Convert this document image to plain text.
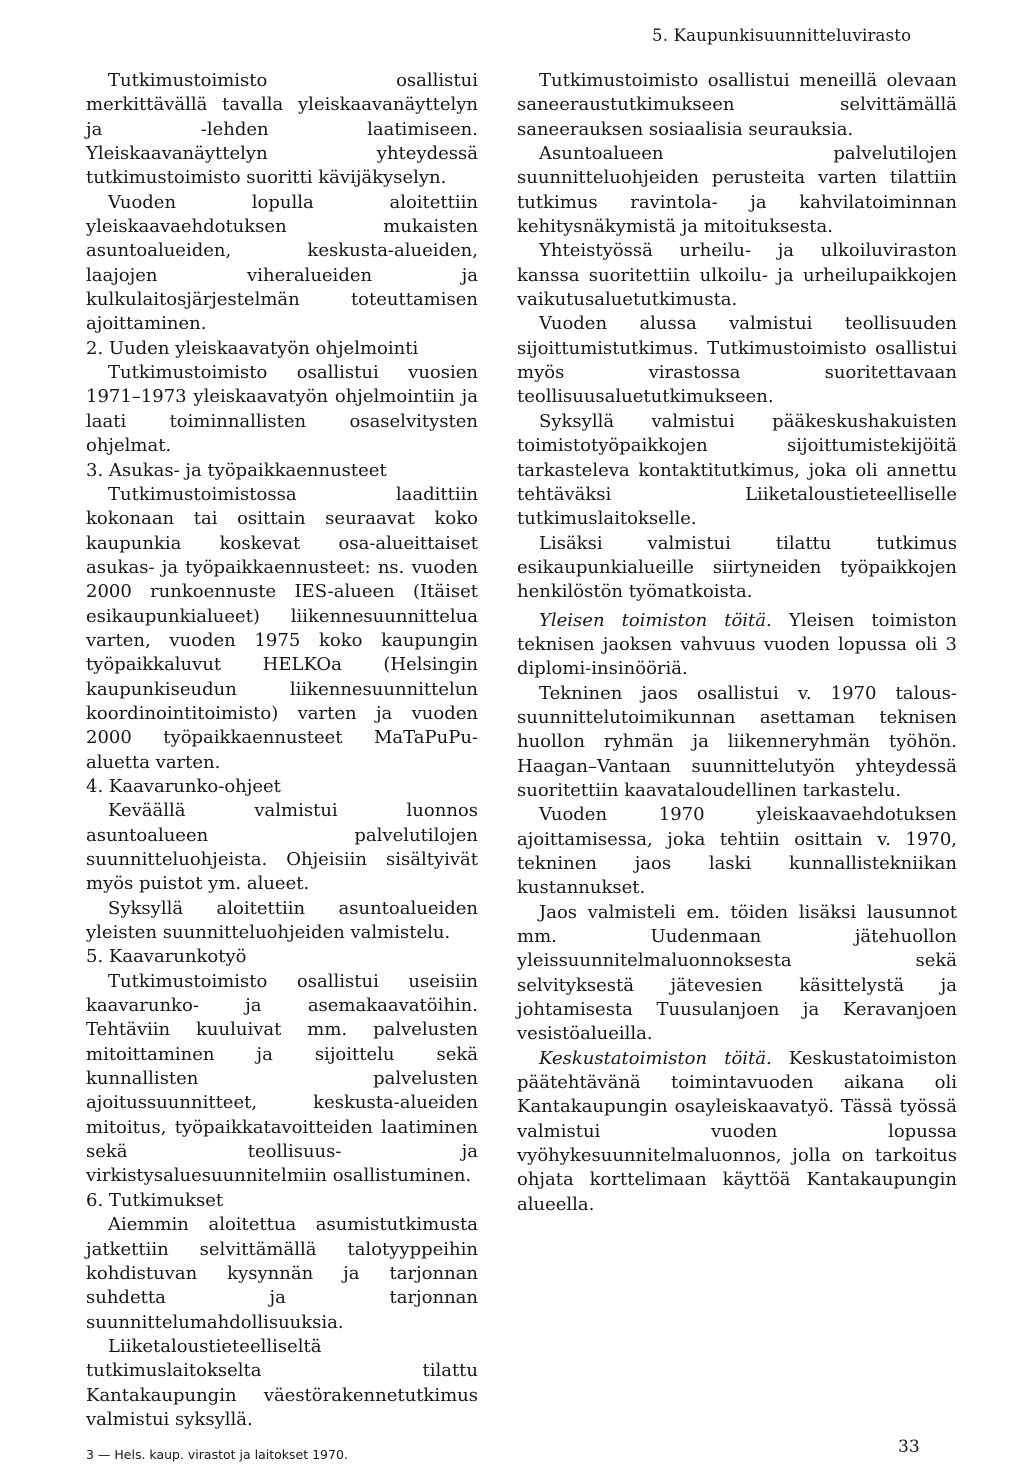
5. Kaupunkisuunnitteluvirasto

Tutkimustoimisto osallistui merkittävällä tavalla yleiskaavanäyttelyn ja -lehden laatimiseen. Yleiskaavanäyttelyn yhteydessä tutkimustoimisto suoritti kävijäkyselyn.

Vuoden lopulla aloitettiin yleiskaavaehdotuksen mukaisten asuntoalueiden, keskusta-alueiden, laajojen viheralueiden ja kulkulaitosjärjestelmän toteuttamisen ajoittaminen.

2. Uuden yleiskaavatyön ohjelmointi

Tutkimustoimisto osallistui vuosien 1971–1973 yleiskaavatyön ohjelmointiin ja laati toiminnallisten osaselvitysten ohjelmat.

3. Asukas- ja työpaikkaennusteet

Tutkimustoimistossa laadittiin kokonaan tai osittain seuraavat koko kaupunkia koskevat osa-alueittaiset asukas- ja työpaikkaennusteet: ns. vuoden 2000 runkoennuste IES-alueen (Itäiset esikaupunkialueet) liikennesuunnittelua varten, vuoden 1975 koko kaupungin työpaikkaluvut HELKOa (Helsingin kaupunkiseudun liikennesuunnittelun koordinointitoimisto) varten ja vuoden 2000 työpaikkaennusteet MaTaPuPu-aluetta varten.

4. Kaavarunko-ohjeet

Keväällä valmistui luonnos asuntoalueen palvelutilojen suunnitteluohjeista. Ohjeisiin sisältyivät myös puistot ym. alueet.

Syksyllä aloitettiin asuntoalueiden yleisten suunnitteluohjeiden valmistelu.

5. Kaavarunkotyö

Tutkimustoimisto osallistui useisiin kaavarunko- ja asemakaavatöihin. Tehtäviin kuuluivat mm. palvelusten mitoittaminen ja sijoittelu sekä kunnallisten palvelusten ajoitussuunnitteet, keskusta-alueiden mitoitus, työpaikkatavoitteiden laatiminen sekä teollisuus- ja virkistysaluesuunnitelmiin osallistuminen.

6. Tutkimukset

Aiemmin aloitettua asumistutkimusta jatkettiin selvittämällä talotyyppeihin kohdistuvan kysynnän ja tarjonnan suhdetta ja tarjonnan suunnittelumahdollisuuksia.

Liiketaloustieteelliseltä tutkimuslaitokselta tilattu Kantakaupungin väestörakennetutkimus valmistui syksyllä.

Tutkimustoimisto osallistui meneillä olevaan saneeraustutkimukseen selvittämällä saneerauksen sosiaalisia seurauksia.

Asuntoalueen palvelutilojen suunnitteluohjeiden perusteita varten tilattiin tutkimus ravintola- ja kahvilatoiminnan kehitysnäkymistä ja mitoituksesta.

Yhteistyössä urheilu- ja ulkoiluviraston kanssa suoritettiin ulkoilu- ja urheilupaikkojen vaikutusaluetutkimusta.

Vuoden alussa valmistui teollisuuden sijoittumistutkimus. Tutkimustoimisto osallistui myös virastossa suoritettavaan teollisuusaluetutkimukseen.

Syksyllä valmistui pääkeskushakuisten toimistotyöpaikkojen sijoittumistekijöitä tarkasteleva kontaktitutkimus, joka oli annettu tehtäväksi Liiketaloustieteelliselle tutkimuslaitokselle.

Lisäksi valmistui tilattu tutkimus esikaupunkialueille siirtyneiden työpaikkojen henkilöstön työmatkoista.

Yleisen toimiston töitä. Yleisen toimiston teknisen jaoksen vahvuus vuoden lopussa oli 3 diplomi-insinööriä.

Tekninen jaos osallistui v. 1970 talous-suunnittelutoimikunnan asettaman teknisen huollon ryhmän ja liikenneryhmän työhön. Haagan–Vantaan suunnittelutyön yhteydessä suoritettiin kaavataloudellinen tarkastelu.

Vuoden 1970 yleiskaavaehdotuksen ajoittamisessa, joka tehtiin osittain v. 1970, tekninen jaos laski kunnallistekniikan kustannukset.

Jaos valmisteli em. töiden lisäksi lausunnot mm. Uudenmaan jätehuollon yleissuunnitelmaluonnoksesta sekä selvityksestä jätevesien käsittelystä ja johtamisesta Tuusulanjoen ja Keravanjoen vesistöalueilla.

Keskustatoimiston töitä. Keskustatoimiston päätehtävänä toimintavuoden aikana oli Kantakaupungin osayleiskaavatyö. Tässä työssä valmistui vuoden lopussa vyöhykesuunnitelmaluonnos, jolla on tarkoitus ohjata korttelimaan käyttöä Kantakaupungin alueella.

3 — Hels. kaup. virastot ja laitokset 1970.	33
